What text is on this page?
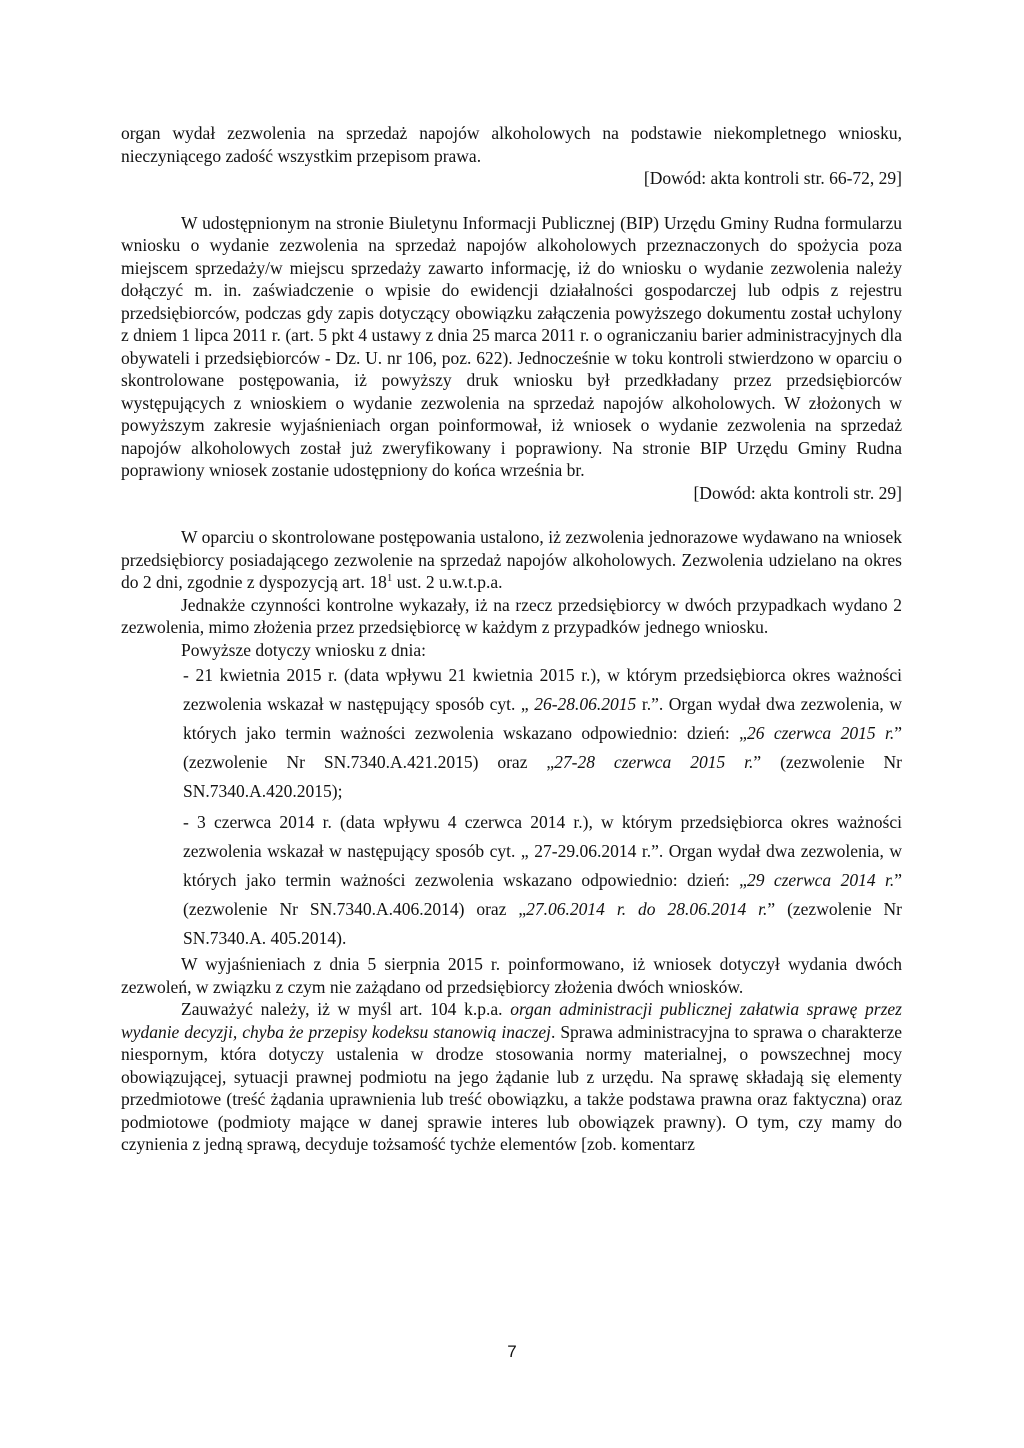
organ wydał zezwolenia na sprzedaż napojów alkoholowych na podstawie niekompletnego wniosku, nieczyniącego zadość wszystkim przepisom prawa.

[Dowód: akta kontroli str. 66-72, 29]

W udostępnionym na stronie Biuletynu Informacji Publicznej (BIP) Urzędu Gminy Rudna formularzu wniosku o wydanie zezwolenia na sprzedaż napojów alkoholowych przeznaczonych do spożycia poza miejscem sprzedaży/w miejscu sprzedaży zawarto informację, iż do wniosku o wydanie zezwolenia należy dołączyć m. in. zaświadczenie o wpisie do ewidencji działalności gospodarczej lub odpis z rejestru przedsiębiorców, podczas gdy zapis dotyczący obowiązku załączenia powyższego dokumentu został uchylony z dniem 1 lipca 2011 r. (art. 5 pkt 4 ustawy z dnia 25 marca 2011 r. o ograniczaniu barier administracyjnych dla obywateli i przedsiębiorców - Dz. U. nr 106, poz. 622). Jednocześnie w toku kontroli stwierdzono w oparciu o skontrolowane postępowania, iż powyższy druk wniosku był przedkładany przez przedsiębiorców występujących z wnioskiem o wydanie zezwolenia na sprzedaż napojów alkoholowych. W złożonych w powyższym zakresie wyjaśnieniach organ poinformował, iż wniosek o wydanie zezwolenia na sprzedaż napojów alkoholowych został już zweryfikowany i poprawiony. Na stronie BIP Urzędu Gminy Rudna poprawiony wniosek zostanie udostępniony do końca września br.

[Dowód: akta kontroli str. 29]

W oparciu o skontrolowane postępowania ustalono, iż zezwolenia jednorazowe wydawano na wniosek przedsiębiorcy posiadającego zezwolenie na sprzedaż napojów alkoholowych. Zezwolenia udzielano na okres do 2 dni, zgodnie z dyspozycją art. $18^1$ ust. 2 u.w.t.p.a.

Jednakże czynności kontrolne wykazały, iż na rzecz przedsiębiorcy w dwóch przypadkach wydano 2 zezwolenia, mimo złożenia przez przedsiębiorcę w każdym z przypadków jednego wniosku.

Powyższe dotyczy wniosku z dnia:

- 21 kwietnia 2015 r. (data wpływu 21 kwietnia 2015 r.), w którym przedsiębiorca okres ważności zezwolenia wskazał w następujący sposób cyt. „ 26-28.06.2015 r.”. Organ wydał dwa zezwolenia, w których jako termin ważności zezwolenia wskazano odpowiednio: dzień: „26 czerwca 2015 r.” (zezwolenie Nr SN.7340.A.421.2015) oraz „27-28 czerwca 2015 r.” (zezwolenie Nr SN.7340.A.420.2015);

- 3 czerwca 2014 r. (data wpływu 4 czerwca 2014 r.), w którym przedsiębiorca okres ważności zezwolenia wskazał w następujący sposób cyt. „ 27-29.06.2014 r.”. Organ wydał dwa zezwolenia, w których jako termin ważności zezwolenia wskazano odpowiednio: dzień: „29 czerwca 2014 r.” (zezwolenie Nr SN.7340.A.406.2014) oraz „27.06.2014 r. do 28.06.2014 r.” (zezwolenie Nr SN.7340.A. 405.2014).

W wyjaśnieniach z dnia 5 sierpnia 2015 r. poinformowano, iż wniosek dotyczył wydania dwóch zezwoleń, w związku z czym nie zażądano od przedsiębiorcy złożenia dwóch wniosków.

Zauważyć należy, iż w myśl art. 104 k.p.a. organ administracji publicznej załatwia sprawę przez wydanie decyzji, chyba że przepisy kodeksu stanowią inaczej. Sprawa administracyjna to sprawa o charakterze niespornym, która dotyczy ustalenia w drodze stosowania normy materialnej, o powszechnej mocy obowiązującej, sytuacji prawnej podmiotu na jego żądanie lub z urzędu. Na sprawę składają się elementy przedmiotowe (treść żądania uprawnienia lub treść obowiązku, a także podstawa prawna oraz faktyczna) oraz podmiotowe (podmioty mające w danej sprawie interes lub obowiązek prawny). O tym, czy mamy do czynienia z jedną sprawą, decyduje tożsamość tychże elementów [zob. komentarz

7
